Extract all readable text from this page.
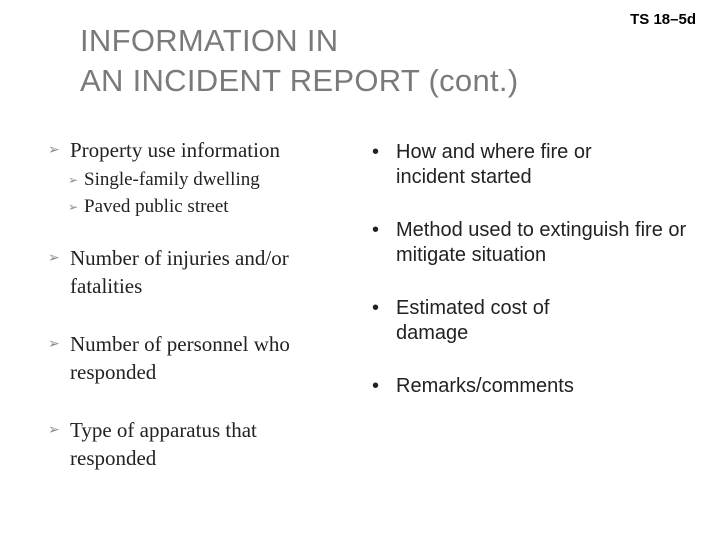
TS 18–5d
INFORMATION IN
AN INCIDENT REPORT (cont.)
➢ Property use information
➢ Single-family dwelling
➢ Paved public street
➢ Number of injuries and/or fatalities
➢ Number of personnel who responded
➢ Type of apparatus that responded
• How and where fire or incident started
• Method used to extinguish fire or mitigate situation
• Estimated cost of damage
• Remarks/comments
